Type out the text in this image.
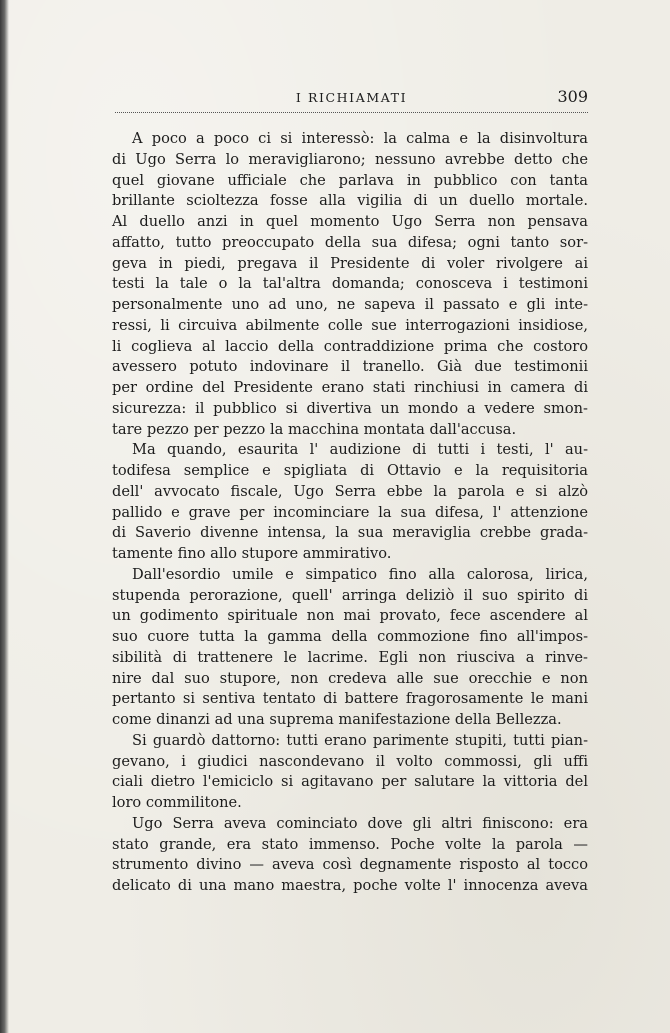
I RICHIAMATI	309
A poco a poco ci si interessò: la calma e la disinvoltura
di Ugo Serra lo meravigliarono; nessuno avrebbe detto che
quel giovane ufficiale che parlava in pubblico con tanta
brillante scioltezza fosse alla vigilia di un duello mortale.
Al duello anzi in quel momento Ugo Serra non pensava
affatto, tutto preoccupato della sua difesa; ogni tanto sor-
geva in piedi, pregava il Presidente di voler rivolgere ai
testi la tale o la tal'altra domanda; conosceva i testimoni
personalmente uno ad uno, ne sapeva il passato e gli inte-
ressi, li circuiva abilmente colle sue interrogazioni insidiose,
li coglieva al laccio della contraddizione prima che costoro
avessero potuto indovinare il tranello. Già due testimonii
per ordine del Presidente erano stati rinchiusi in camera di
sicurezza: il pubblico si divertiva un mondo a vedere smon-
tare pezzo per pezzo la macchina montata dall'accusa.
Ma quando, esaurita l' audizione di tutti i testi, l' au-
todifesa semplice e spigliata di Ottavio e la requisitoria
dell' avvocato fiscale, Ugo Serra ebbe la parola e si alzò
pallido e grave per incominciare la sua difesa, l' attenzione
di Saverio divenne intensa, la sua meraviglia crebbe grada-
tamente fino allo stupore ammirativo.
Dall'esordio umile e simpatico fino alla calorosa, lirica,
stupenda perorazione, quell' arringa deliziò il suo spirito di
un godimento spirituale non mai provato, fece ascendere al
suo cuore tutta la gamma della commozione fino all'impos-
sibilità di trattenere le lacrime. Egli non riusciva a rinve-
nire dal suo stupore, non credeva alle sue orecchie e non
pertanto si sentiva tentato di battere fragorosamente le mani
come dinanzi ad una suprema manifestazione della Bellezza.
Si guardò dattorno: tutti erano parimente stupiti, tutti pian-
gevano, i giudici nascondevano il volto commossi, gli uffi
ciali dietro l'emiciclo si agitavano per salutare la vittoria del
loro commilitone.
Ugo Serra aveva cominciato dove gli altri finiscono: era
stato grande, era stato immenso. Poche volte la parola —
strumento divino — aveva così degnamente risposto al tocco
delicato di una mano maestra, poche volte l' innocenza aveva
